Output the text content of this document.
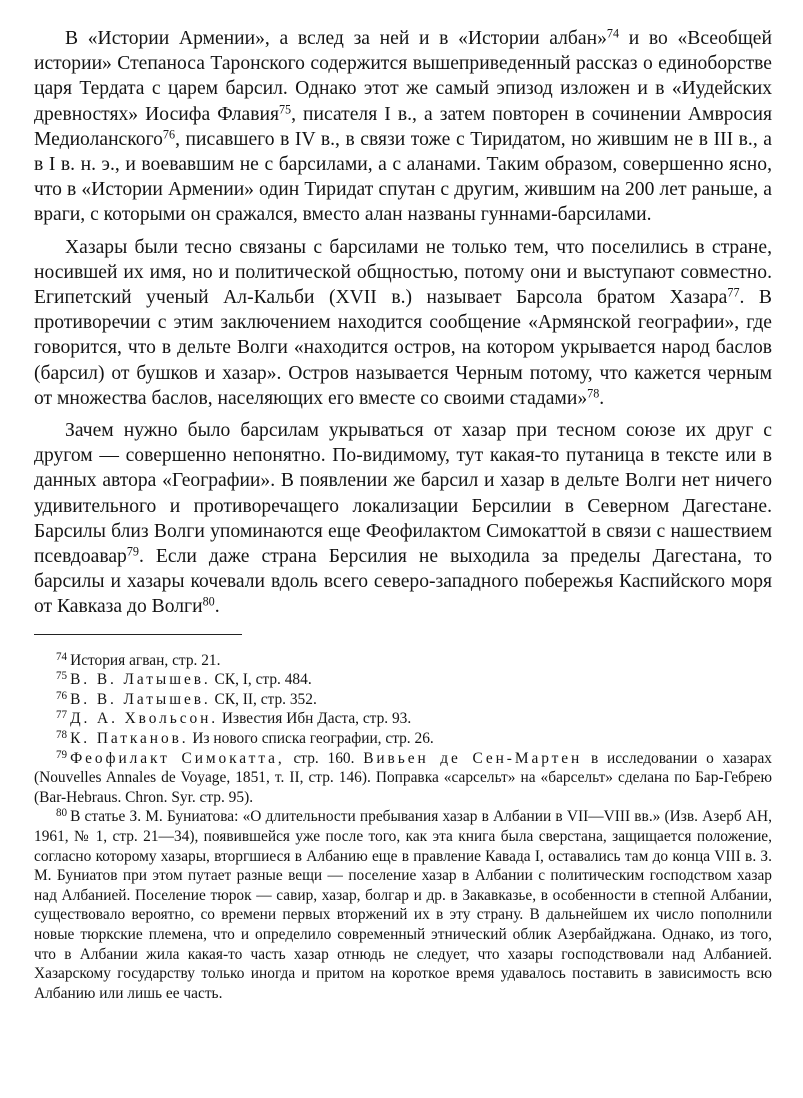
В «Истории Армении», а вслед за ней и в «Истории албан»$^{74}$ и во «Всеобщей истории» Степаноса Таронского содержится вышеприведенный рассказ о единоборстве царя Тердата с царем барсил. Однако этот же самый эпизод изложен и в «Иудейских древностях» Иосифа Флавия$^{75}$, писателя I в., а затем повторен в сочинении Амвросия Медиоланского$^{76}$, писавшего в IV в., в связи тоже с Тиридатом, но жившим не в III в., а в I в. н. э., и воевавшим не с барсилами, а с аланами. Таким образом, совершенно ясно, что в «Истории Армении» один Тиридат спутан с другим, жившим на 200 лет раньше, а враги, с которыми он сражался, вместо алан названы гуннами-барсилами.

Хазары были тесно связаны с барсилами не только тем, что поселились в стране, носившей их имя, но и политической общностью, потому они и выступают совместно. Египетский ученый Ал-Кальби (XVII в.) называет Барсола братом Хазара$^{77}$. В противоречии с этим заключением находится сообщение «Армянской географии», где говорится, что в дельте Волги «находится остров, на котором укрывается народ баслов (барсил) от бушков и хазар». Остров называется Черным потому, что кажется черным от множества баслов, населяющих его вместе со своими стадами»$^{78}$.

Зачем нужно было барсилам укрываться от хазар при тесном союзе их друг с другом — совершенно непонятно. По-видимому, тут какая-то путаница в тексте или в данных автора «Географии». В появлении же барсил и хазар в дельте Волги нет ничего удивительного и противоречащего локализации Берсилии в Северном Дагестане. Барсилы близ Волги упоминаются еще Феофилактом Симокаттой в связи с нашествием псевдоавар$^{79}$. Если даже страна Берсилия не выходила за пределы Дагестана, то барсилы и хазары кочевали вдоль всего северо-западного побережья Каспийского моря от Кавказа до Волги$^{80}$.

$^{74}$ История агван, стр. 21.

$^{75}$ В. В. Латышев. СК, I, стр. 484.

$^{76}$ В. В. Латышев. СК, II, стр. 352.

$^{77}$ Д. А. Хвольсон. Известия Ибн Даста, стр. 93.

$^{78}$ К. Патканов. Из нового списка географии, стр. 26.

$^{79}$ Феофилакт Симокатта, стр. 160. Вивьен де Сен-Мартен в исследовании о хазарах (Nouvelles Annales de Voyage, 1851, т. II, стр. 146). Поправка «сарсельт» на «барсельт» сделана по Бар-Гебрею (Bar-Hebraus. Chron. Syr. стр. 95).

$^{80}$ В статье З. М. Буниатова: «О длительности пребывания хазар в Албании в VII—VIII вв.» (Изв. Азерб АН, 1961, № 1, стр. 21—34), появившейся уже после того, как эта книга была сверстана, защищается положение, согласно которому хазары, вторгшиеся в Албанию еще в правление Кавада I, оставались там до конца VIII в. З. М. Буниатов при этом путает разные вещи — поселение хазар в Албании с политическим господством хазар над Албанией. Поселение тюрок — савир, хазар, болгар и др. в Закавказье, в особенности в степной Албании, существовало вероятно, со времени первых вторжений их в эту страну. В дальнейшем их число пополнили новые тюркские племена, что и определило современный этнический облик Азербайджана. Однако, из того, что в Албании жила какая-то часть хазар отнюдь не следует, что хазары господствовали над Албанией. Хазарскому государству только иногда и притом на короткое время удавалось поставить в зависимость всю Албанию или лишь ее часть.
